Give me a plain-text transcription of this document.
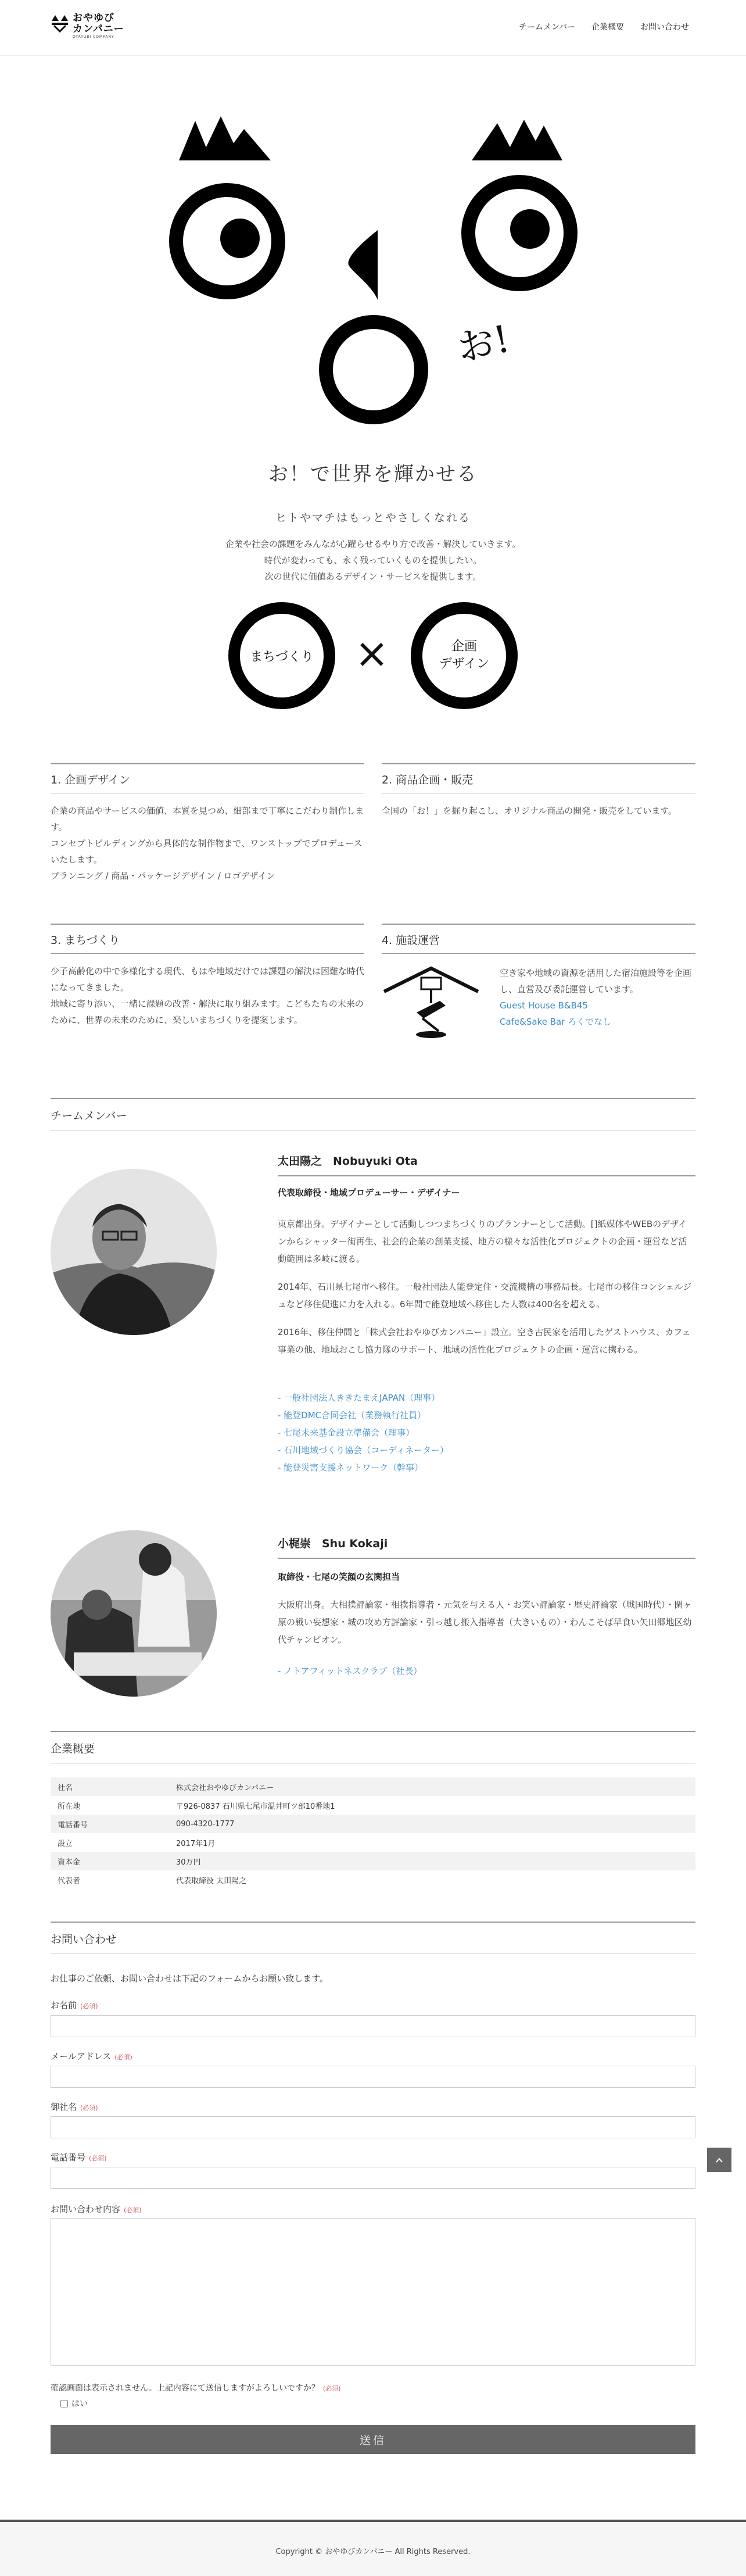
おやゆび
カンパニー
OYAYUBI COMPANY
チームメンバー 企業概要 お問い合わせ
お!
お！で世界を輝かせる
ヒトやマチはもっとやさしくなれる
企業や社会の課題をみんなが心躍らせるやり方で改善・解決していきます。
時代が変わっても、永く残っていくものを提供したい。
次の世代に価値あるデザイン・サービスを提供します。
まちづくり ×	企画
デザイン
1. 企画デザイン

企業の商品やサービスの価値、本質を見つめ、細部まで丁寧にこだわり制作します。

コンセプトビルディングから具体的な制作物まで、ワンストップでプロデュースいたします。

ブランニング / 商品・パッケージデザイン / ロゴデザイン

2. 商品企画・販売

全国の「お！」を掘り起こし、オリジナル商品の開発・販売をしています。

3. まちづくり

少子高齢化の中で多様化する現代、もはや地域だけでは課題の解決は困難な時代になってきました。

地域に寄り添い、一緒に課題の改善・解決に取り組みます。こどもたちの未来のために、世界の未来のために、楽しいまちづくりを提案します。

4. 施設運営
空き家や地域の資源を活用した宿泊施設等を企画し、直営及び委託運営しています。
Guest House B&B45
Cafe&Sake Bar ろくでなし
チームメンバー
太田陽之　Nobuyuki Ota
代表取締役・地域プロデューサー・デザイナー

東京都出身。デザイナーとして活動しつつまちづくりのプランナーとして活動。[]紙媒体やWEBのデザインからシャッター街再生、社会的企業の創業支援、地方の様々な活性化プロジェクトの企画・運営など活動範囲は多岐に渡る。

2014年、石川県七尾市へ移住。一般社団法人能登定住・交流機構の事務局長。七尾市の移住コンシェルジュなど移住促進に力を入れる。6年間で能登地域へ移住した人数は400名を超える。

2016年、移住仲間と「株式会社おやゆびカンパニー」設立。空き古民家を活用したゲストハウス、カフェ事業の他、地域おこし協力隊のサポート、地域の活性化プロジェクトの企画・運営に携わる。

- 一般社団法人ききたまえJAPAN（理事）
- 能登DMC合同会社（業務執行社員）
- 七尾未来基金設立準備会（理事）
- 石川地域づくり協会（コーディネーター）
- 能登災害支援ネットワーク（幹事）
小梶崇　Shu Kokaji
取締役・七尾の笑顔の玄関担当

大阪府出身。大相撲評論家・相撲指導者・元気を与える人・お笑い評論家・歴史評論家（戦国時代）・閑ヶ原の戦い妄想家・城の攻め方評論家・引っ越し搬入指導者（大きいもの）・わんこそば早食い矢田郷地区幼代チャンピオン。

- ノトアフィットネスクラブ（社長）
企業概要
社名	株式会社おやゆびカンパニー
所在地	〒926-0837 石川県七尾市温井町ツ部10番地1
電話番号	090-4320-1777
設立	2017年1月
資本金	30万円
代表者	代表取締役 太田陽之
お問い合わせ
お仕事のご依頼、お問い合わせは下記のフォームからお願い致します。
お名前 (必須)
メールアドレス (必須)
御社名 (必須)
電話番号 (必須)
お問い合わせ内容 (必須)
確認画面は表示されません。上記内容にて送信しますがよろしいですか？ (必須)
はい
送信
Copyright © おやゆびカンパニー All Rights Reserved.
